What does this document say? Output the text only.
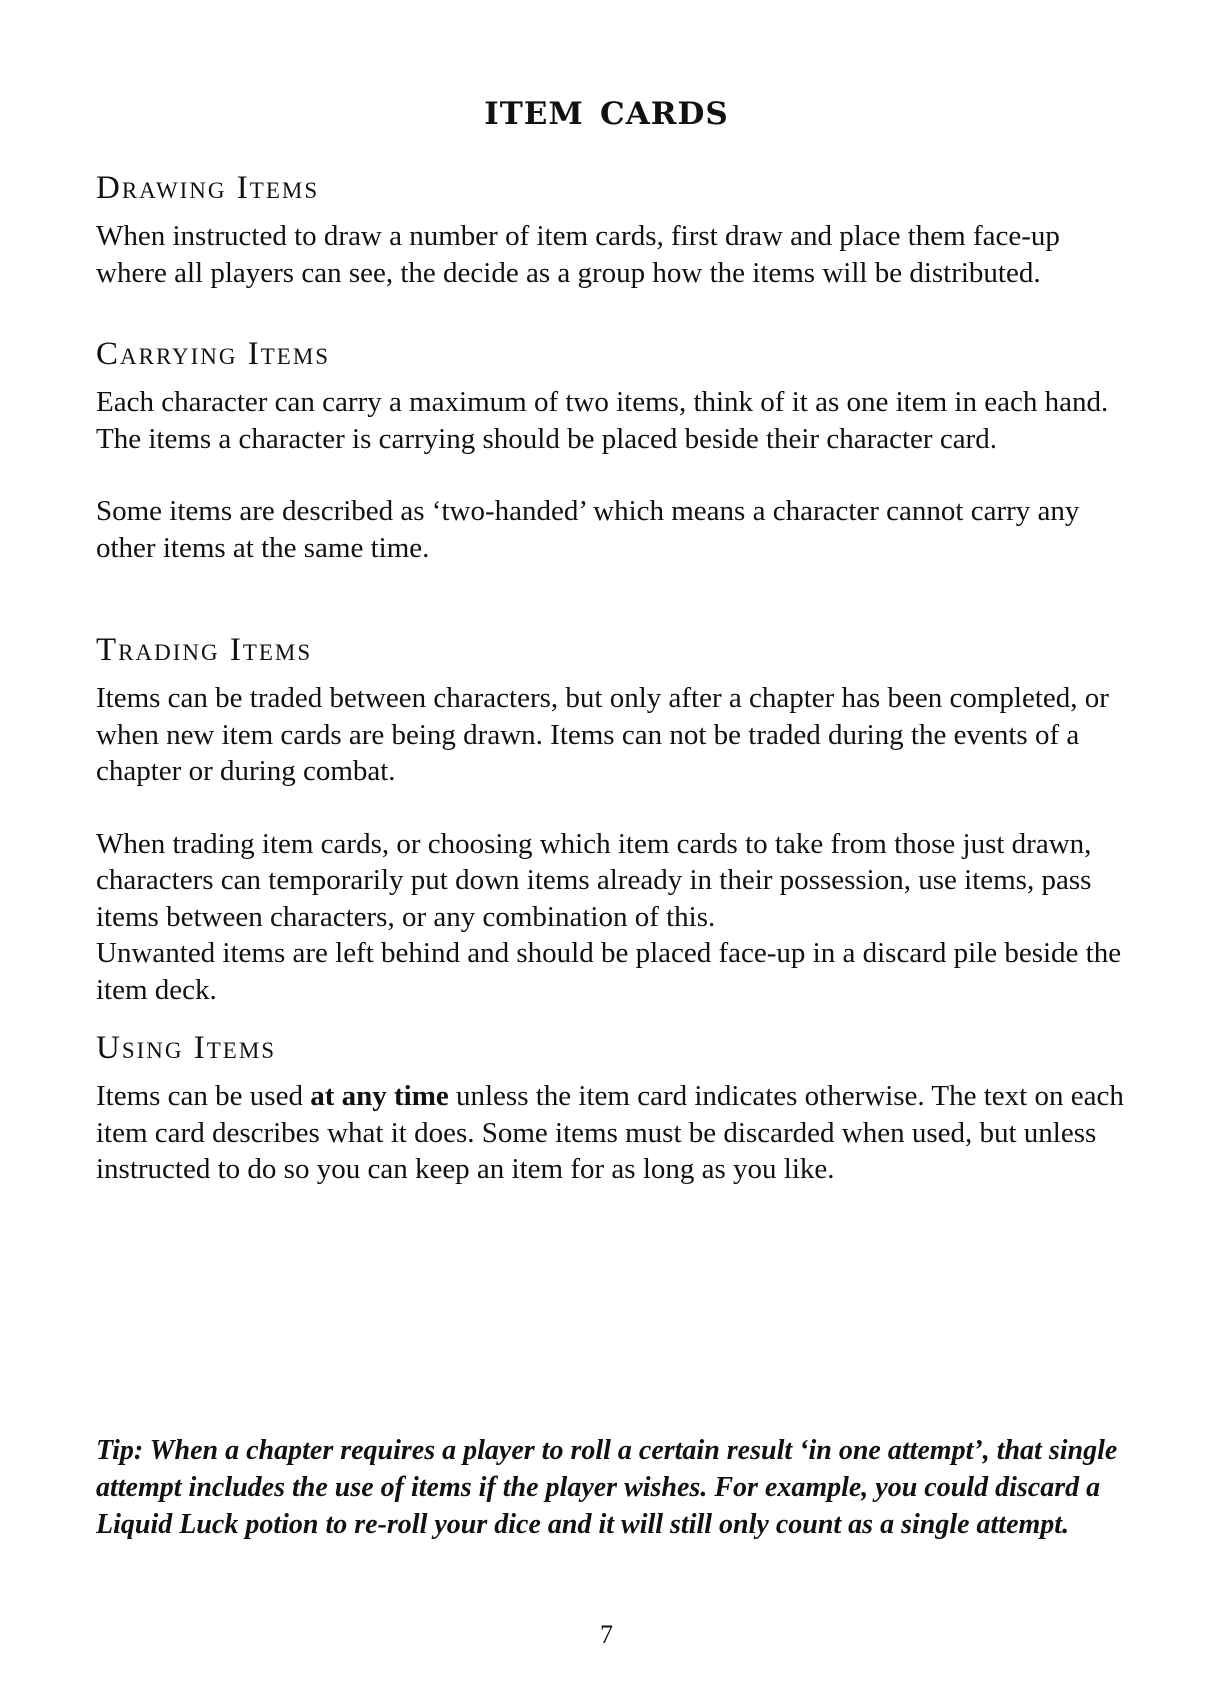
item cards
Drawing Items

When instructed to draw a number of item cards, first draw and place them face-up where all players can see, the decide as a group how the items will be distributed.

Carrying Items

Each character can carry a maximum of two items, think of it as one item in each hand. The items a character is carrying should be placed beside their character card.

Some items are described as ‘two-handed’ which means a character cannot carry any other items at the same time.

Trading Items

Items can be traded between characters, but only after a chapter has been completed, or when new item cards are being drawn. Items can not be traded during the events of a chapter or during combat.

When trading item cards, or choosing which item cards to take from those just drawn, characters can temporarily put down items already in their possession, use items, pass items between characters, or any combination of this.

Unwanted items are left behind and should be placed face-up in a discard pile beside the item deck.

Using Items

Items can be used at any time unless the item card indicates otherwise. The text on each item card describes what it does. Some items must be discarded when used, but unless instructed to do so you can keep an item for as long as you like.

Tip: When a chapter requires a player to roll a certain result ‘in one attempt’, that single attempt includes the use of items if the player wishes. For example, you could discard a Liquid Luck potion to re-roll your dice and it will still only count as a single attempt.
7
